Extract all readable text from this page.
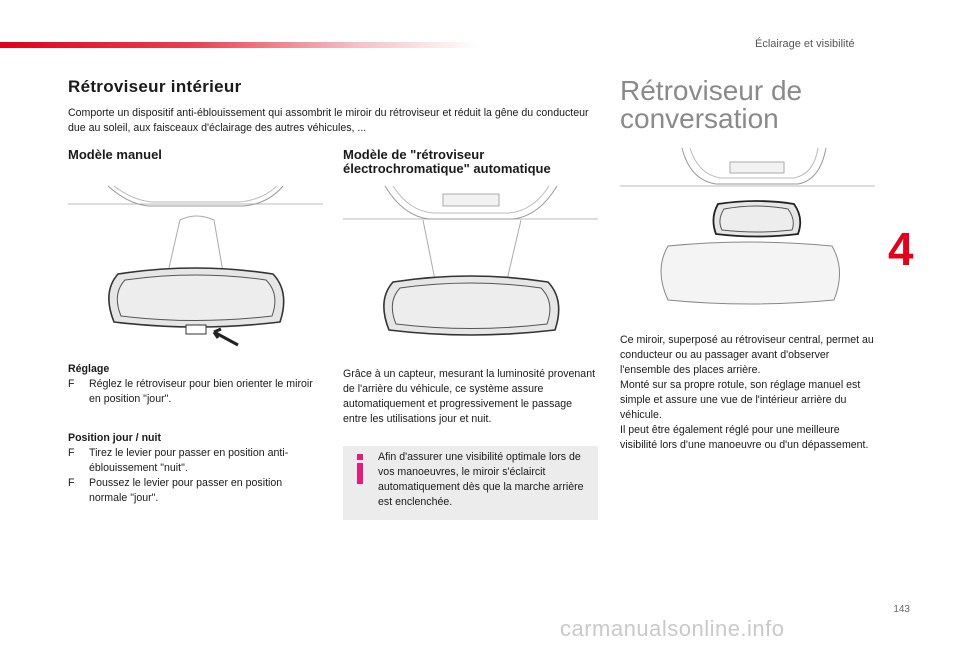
Éclairage et visibilité
4
Rétroviseur intérieur

Comporte un dispositif anti-éblouissement qui assombrit le miroir du rétroviseur et réduit la gêne du conducteur due au soleil, aux faisceaux d'éclairage des autres véhicules, ...

Modèle manuel	Modèle de "rétroviseur
électrochromatique" automatique
Rétroviseur de
conversation

Réglage

F	Réglez le rétroviseur pour bien orienter le miroir en position "jour".

Position jour / nuit

F	Tirez le levier pour passer en position anti-éblouissement "nuit".

F	Poussez le levier pour passer en position normale "jour".

Grâce à un capteur, mesurant la luminosité provenant de l'arrière du véhicule, ce système assure automatiquement et progressivement le passage entre les utilisations jour et nuit.

Afin d'assurer une visibilité optimale lors de vos manoeuvres, le miroir s'éclaircit automatiquement dès que la marche arrière est enclenchée.

Ce miroir, superposé au rétroviseur central, permet au conducteur ou au passager avant d'observer l'ensemble des places arrière.
Monté sur sa propre rotule, son réglage manuel est simple et assure une vue de l'intérieur arrière du véhicule.
Il peut être également réglé pour une meilleure visibilité lors d'une manoeuvre ou d'un dépassement.

143
carmanualsonline.info
